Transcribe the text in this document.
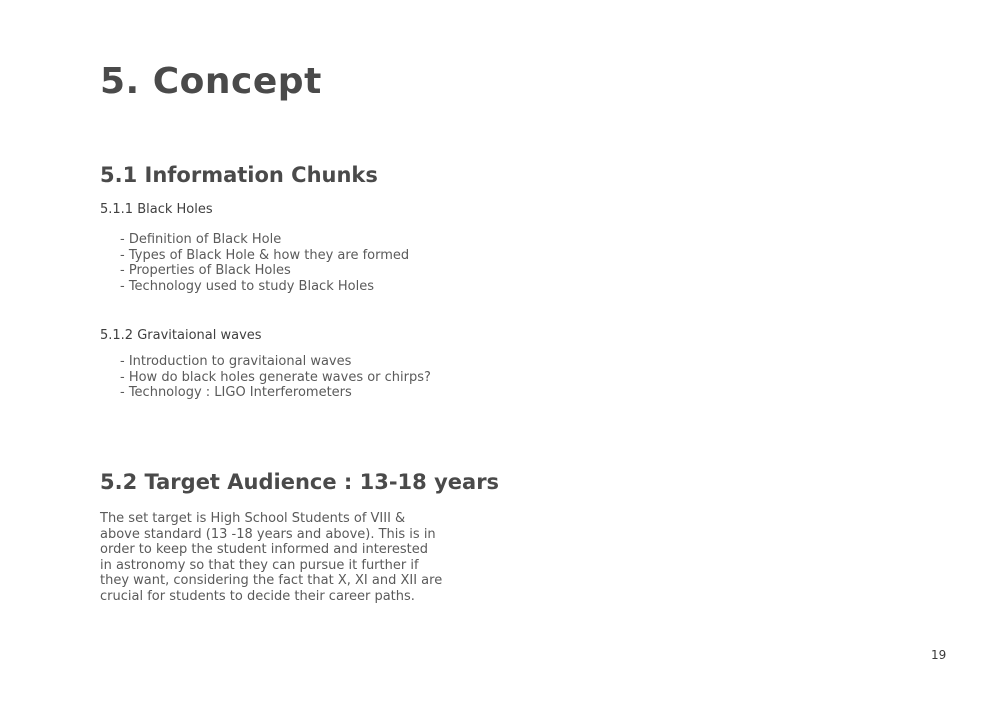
5. Concept
5.1 Information Chunks
5.1.1 Black Holes
- Definition of Black Hole
- Types of Black Hole & how they are formed
- Properties of Black Holes
- Technology used to study Black Holes
5.1.2 Gravitaional waves
- Introduction to gravitaional waves
- How do black holes generate waves or chirps?
- Technology : LIGO Interferometers
5.2 Target Audience : 13-18 years

The set target is High School Students of VIII &
above standard (13 -18 years and above). This is in
order to keep the student informed and interested
in astronomy so that they can pursue it further if
they want, considering the fact that X, XI and XII are
crucial for students to decide their career paths.

19
